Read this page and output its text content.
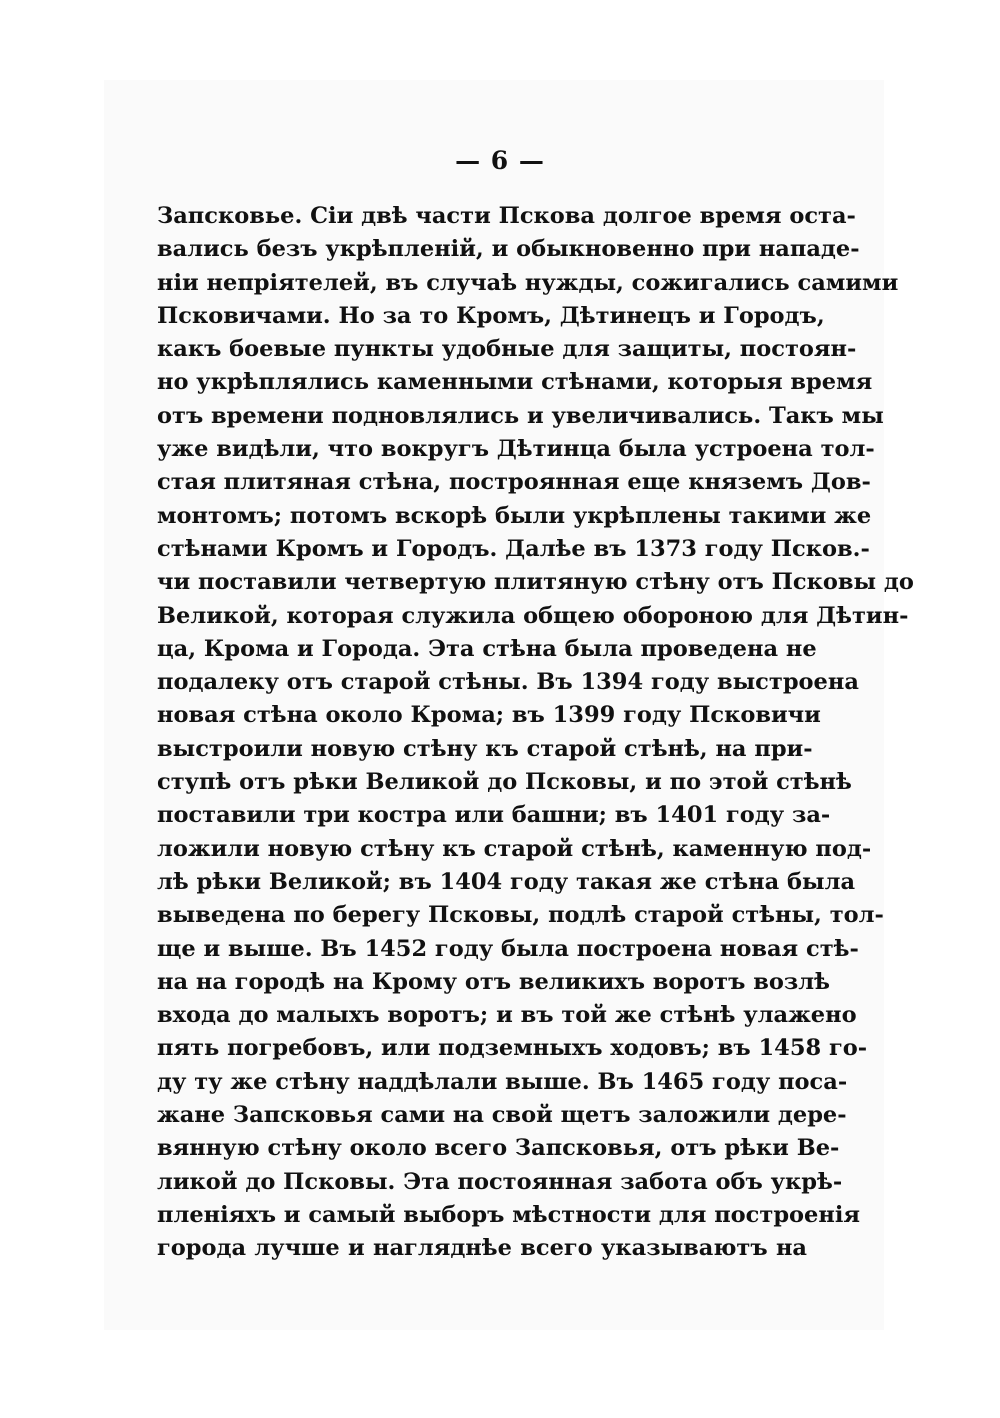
— 6 —
Запсковье. Сіи двѣ части Пскова долгое время оста-
вались безъ укрѣпленій, и обыкновенно при нападе-
ніи непріятелей, въ случаѣ нужды, сожигались самими
Псковичами. Но за то Кромъ, Дѣтинецъ и Городъ,
какъ боевые пункты удобные для защиты, постоян-
но укрѣплялись каменными стѣнами, которыя время
отъ времени подновлялись и увеличивались. Такъ мы
уже видѣли, что вокругъ Дѣтинца была устроена тол-
стая плитяная стѣна, построянная еще княземъ Дов-
монтомъ; потомъ вскорѣ были укрѣплены такими же
стѣнами Кромъ и Городъ. Далѣе въ 1373 году Псков.-
чи поставили четвертую плитяную стѣну отъ Псковы до
Великой, которая служила общею обороною для Дѣтин-
ца, Крома и Города. Эта стѣна была проведена не
подалеку отъ старой стѣны. Въ 1394 году выстроена
новая стѣна около Крома; въ 1399 году Псковичи
выстроили новую стѣну къ старой стѣнѣ, на при-
ступѣ отъ рѣки Великой до Псковы, и по этой стѣнѣ
поставили три костра или башни; въ 1401 году за-
ложили новую стѣну къ старой стѣнѣ, каменную под-
лѣ рѣки Великой; въ 1404 году такая же стѣна была
выведена по берегу Псковы, подлѣ старой стѣны, тол-
ще и выше. Въ 1452 году была построена новая стѣ-
на на городѣ на Крому отъ великихъ воротъ возлѣ
входа до малыхъ воротъ; и въ той же стѣнѣ улажено
пять погребовъ, или подземныхъ ходовъ; въ 1458 го-
ду ту же стѣну наддѣлали выше. Въ 1465 году поса-
жане Запсковья сами на свой щетъ заложили дере-
вянную стѣну около всего Запсковья, отъ рѣки Ве-
ликой до Псковы. Эта постоянная забота объ укрѣ-
пленіяхъ и самый выборъ мѣстности для построенія
города лучше и нагляднѣе всего указываютъ на
